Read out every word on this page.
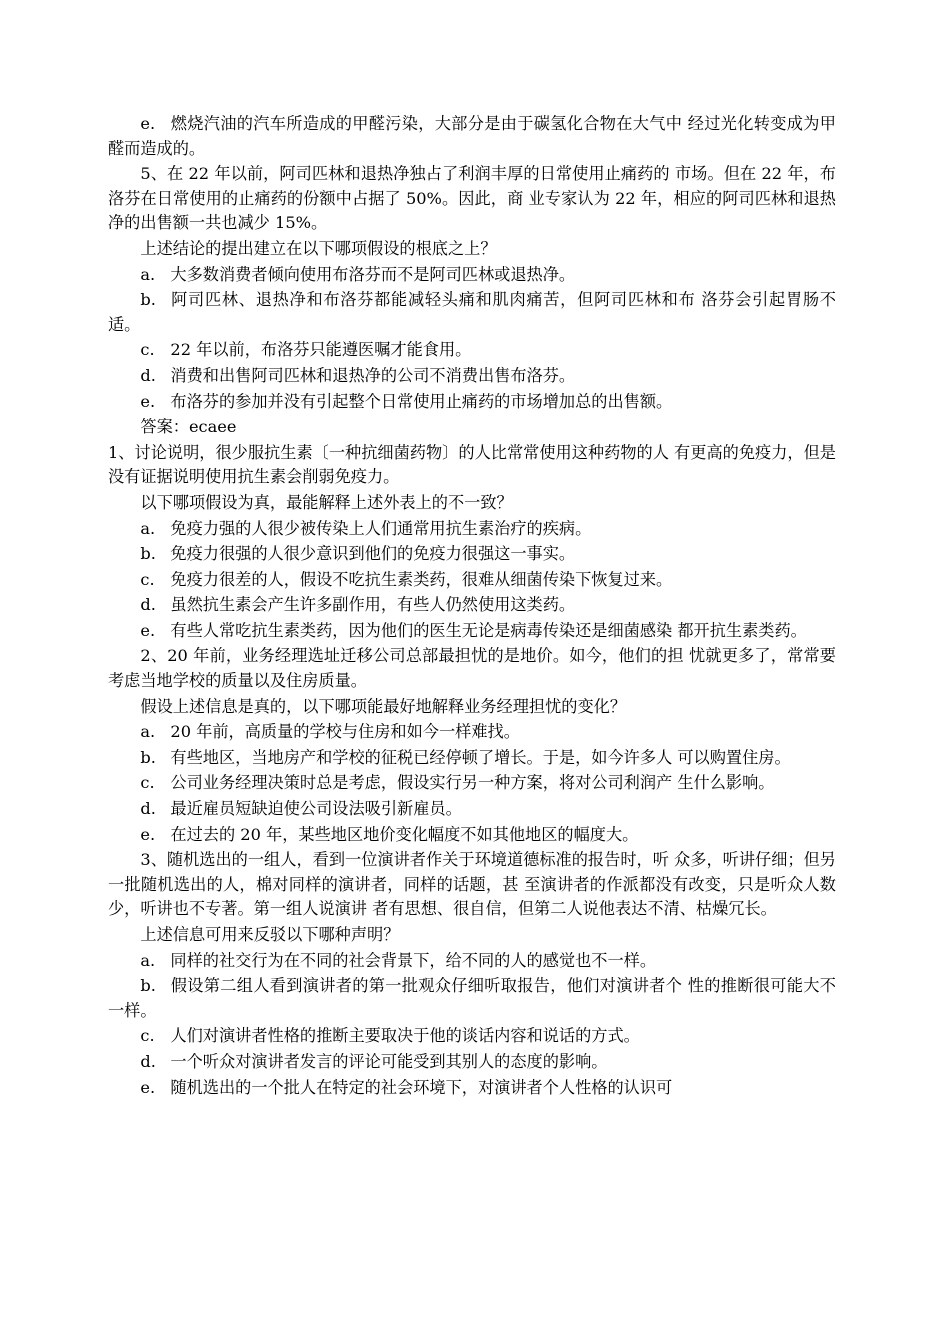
e. 燃烧汽油的汽车所造成的甲醛污染，大部分是由于碳氢化合物在大气中 经过光化转变成为甲醛而造成的。

5、在 22 年以前，阿司匹林和退热净独占了利润丰厚的日常使用止痛药的 市场。但在 22 年，布洛芬在日常使用的止痛药的份额中占据了 50%。因此，商 业专家认为 22 年，相应的阿司匹林和退热净的出售额一共也减少 15%。

上述结论的提出建立在以下哪项假设的根底之上？

a. 大多数消费者倾向使用布洛芬而不是阿司匹林或退热净。

b. 阿司匹林、退热净和布洛芬都能减轻头痛和肌肉痛苦，但阿司匹林和布 洛芬会引起胃肠不适。

c. 22 年以前，布洛芬只能遵医嘱才能食用。

d. 消费和出售阿司匹林和退热净的公司不消费出售布洛芬。

e. 布洛芬的参加并没有引起整个日常使用止痛药的市场增加总的出售额。

答案：ecaee

1、讨论说明，很少服抗生素〔一种抗细菌药物〕的人比常常使用这种药物的人 有更高的免疫力，但是没有证据说明使用抗生素会削弱免疫力。

以下哪项假设为真，最能解释上述外表上的不一致？

a. 免疫力强的人很少被传染上人们通常用抗生素治疗的疾病。

b. 免疫力很强的人很少意识到他们的免疫力很强这一事实。

c. 免疫力很差的人，假设不吃抗生素类药，很难从细菌传染下恢复过来。

d. 虽然抗生素会产生许多副作用，有些人仍然使用这类药。

e. 有些人常吃抗生素类药，因为他们的医生无论是病毒传染还是细菌感染 都开抗生素类药。

2、20 年前，业务经理选址迁移公司总部最担忧的是地价。如今，他们的担 忧就更多了，常常要考虑当地学校的质量以及住房质量。

假设上述信息是真的，以下哪项能最好地解释业务经理担忧的变化？

a. 20 年前，高质量的学校与住房和如今一样难找。

b. 有些地区，当地房产和学校的征税已经停顿了增长。于是，如今许多人 可以购置住房。

c. 公司业务经理决策时总是考虑，假设实行另一种方案，将对公司利润产 生什么影响。

d. 最近雇员短缺迫使公司设法吸引新雇员。

e. 在过去的 20 年，某些地区地价变化幅度不如其他地区的幅度大。

3、随机选出的一组人，看到一位演讲者作关于环境道德标准的报告时，听 众多，听讲仔细；但另一批随机选出的人，棉对同样的演讲者，同样的话题，甚 至演讲者的作派都没有改变，只是听众人数少，听讲也不专著。第一组人说演讲 者有思想、很自信，但第二人说他表达不清、枯燥冗长。

上述信息可用来反驳以下哪种声明？

a. 同样的社交行为在不同的社会背景下，给不同的人的感觉也不一样。

b. 假设第二组人看到演讲者的第一批观众仔细听取报告，他们对演讲者个 性的推断很可能大不一样。

c. 人们对演讲者性格的推断主要取决于他的谈话内容和说话的方式。

d. 一个听众对演讲者发言的评论可能受到其别人的态度的影响。

e. 随机选出的一个批人在特定的社会环境下，对演讲者个人性格的认识可
